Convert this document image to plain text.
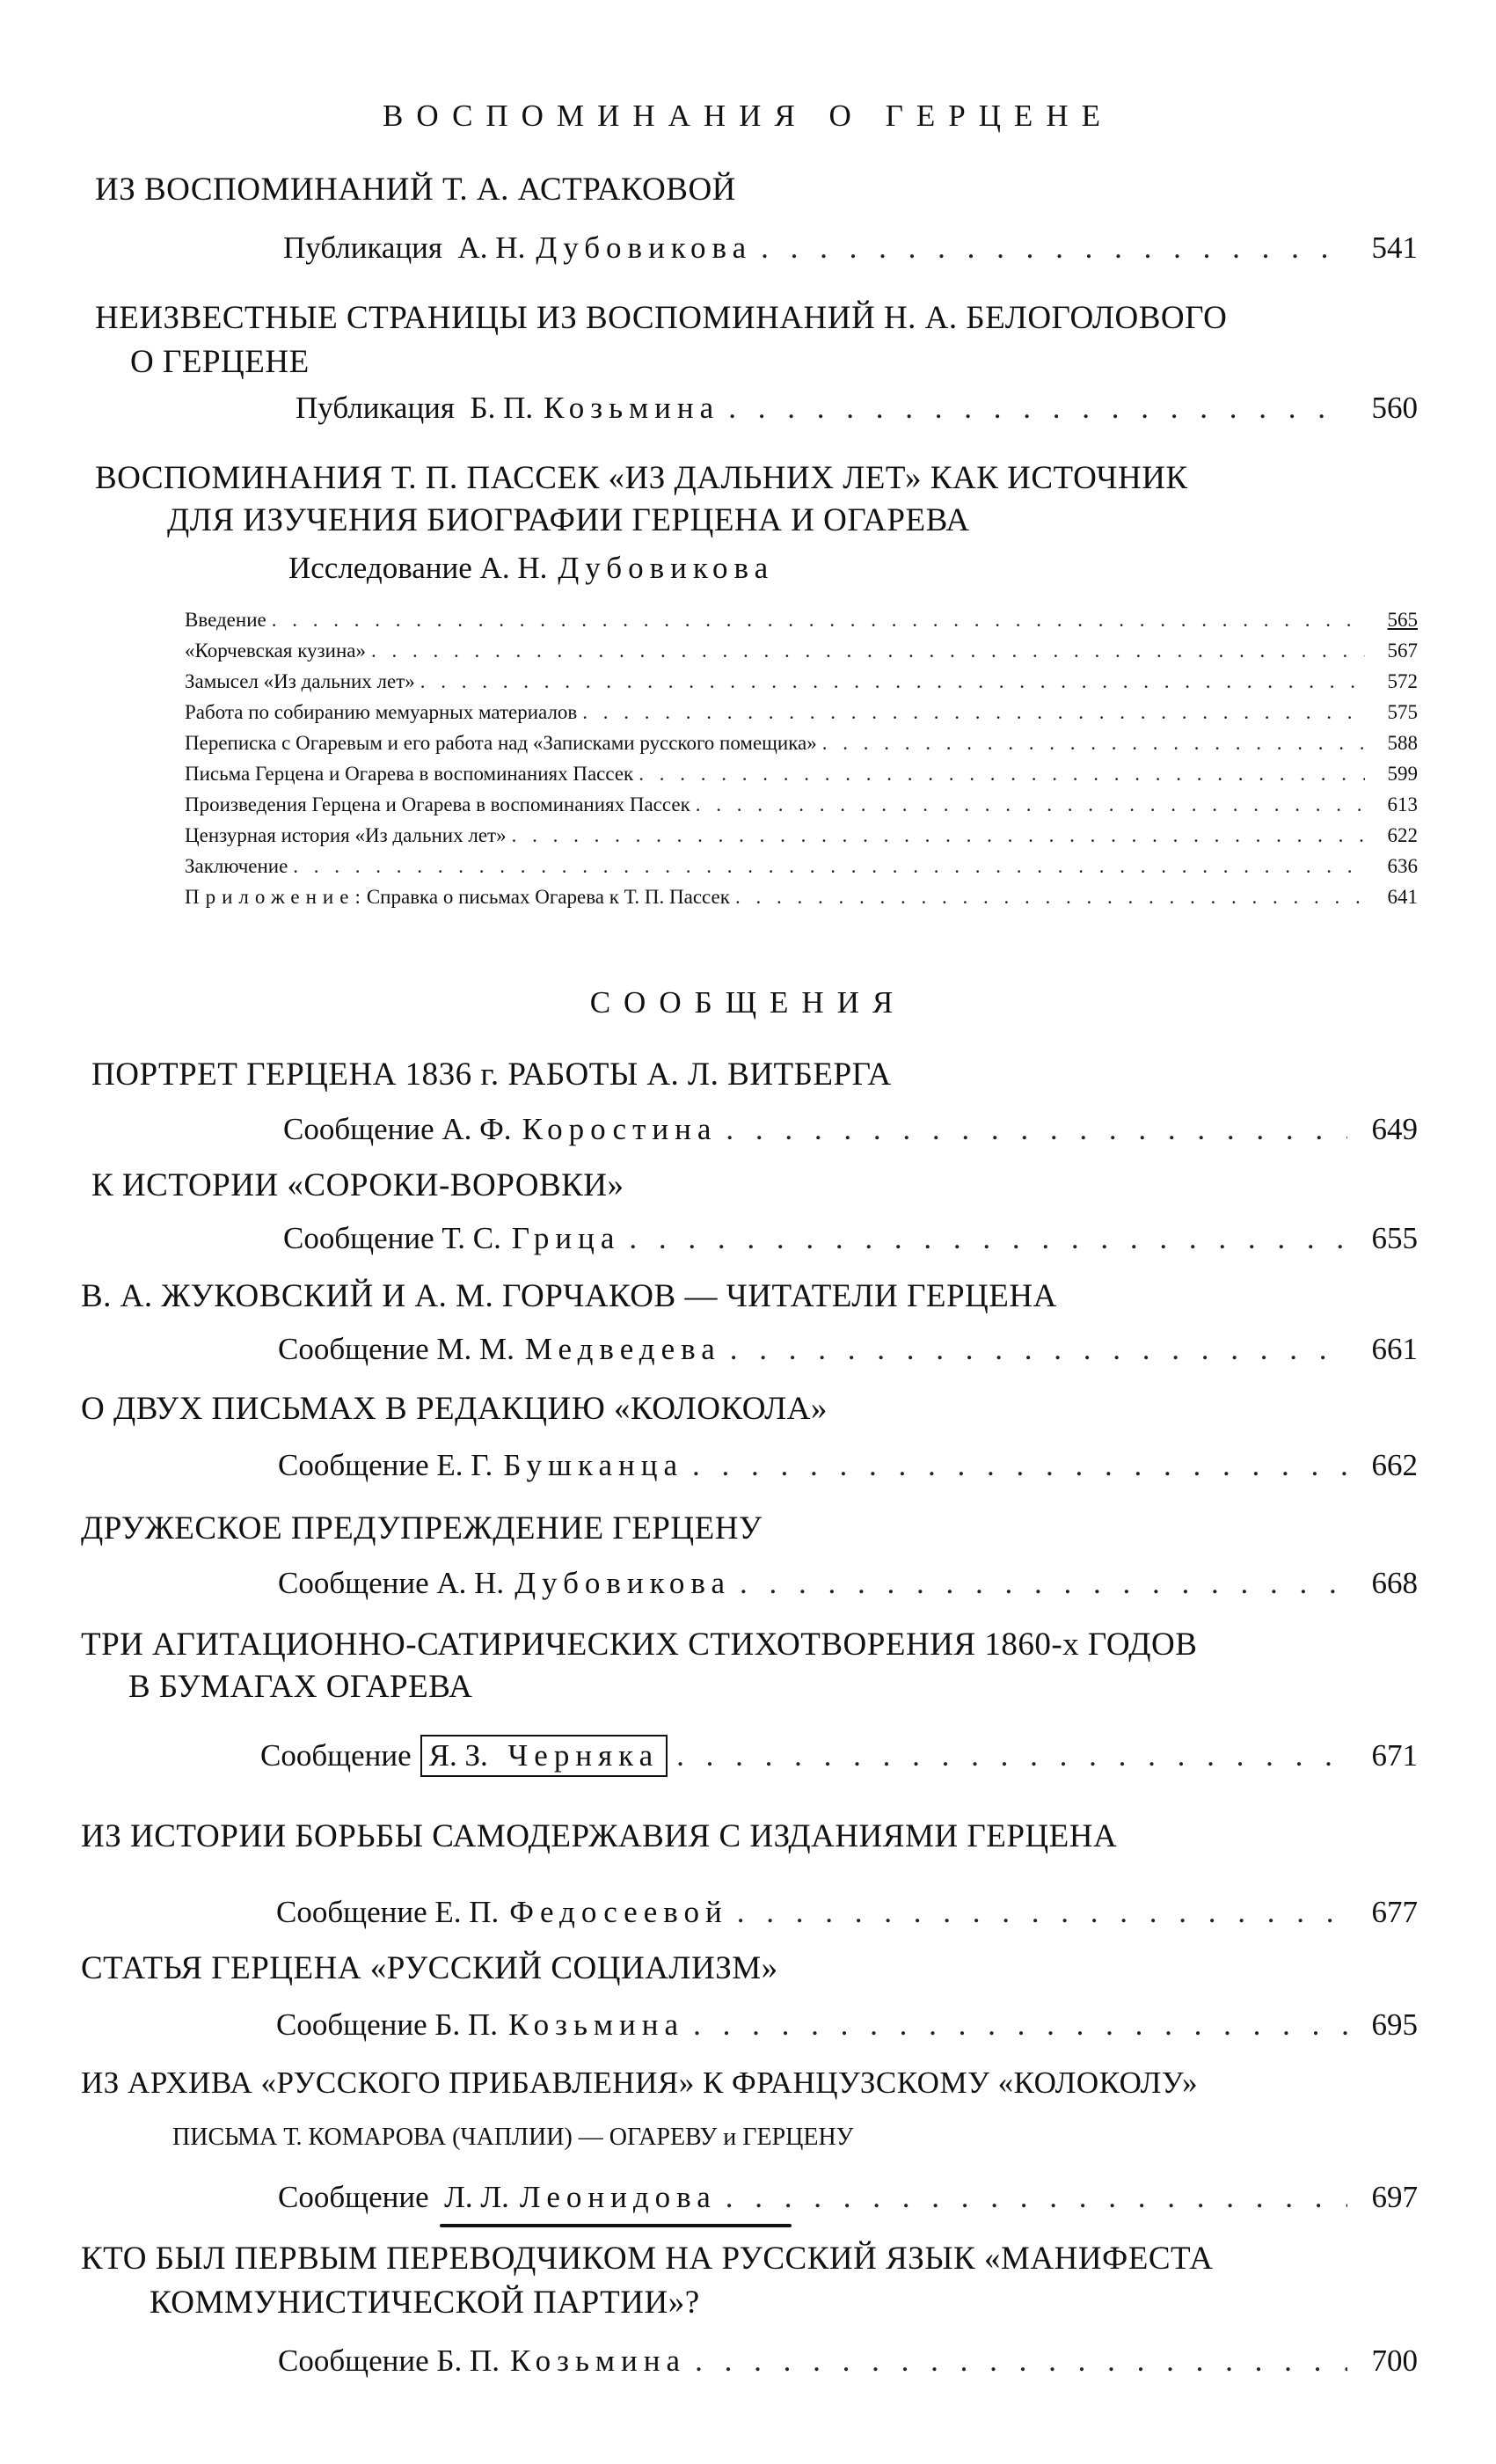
ВОСПОМИНАНИЯ О ГЕРЦЕНЕ
ИЗ ВОСПОМИНАНИЙ Т. А. АСТРАКОВОЙ
Публикация  А. Н. Дубовикова . . .	541
НЕИЗВЕСТНЫЕ СТРАНИЦЫ ИЗ ВОСПОМИНАНИЙ Н. А. БЕЛОГОЛОВОГО
О ГЕРЦЕНЕ
Публикация  Б. П. Козьмина . . .	560
ВОСПОМИНАНИЯ Т. П. ПАССЕК «ИЗ ДАЛЬНИХ ЛЕТ» КАК ИСТОЧНИК
ДЛЯ ИЗУЧЕНИЯ БИОГРАФИИ ГЕРЦЕНА И ОГАРЕВА
Исследование А. Н. Дубовикова
Введение . . .	565
«Корчевская кузина» . . .	567
Замысел «Из дальних лет» . . .	572
Работа по собиранию мемуарных материалов . . .	575
Переписка с Огаревым и его работа над «Записками русского помещика» . . .	588
Письма Герцена и Огарева в воспоминаниях Пассек . . .	599
Произведения Герцена и Огарева в воспоминаниях Пассек . . .	613
Цензурная история «Из дальних лет» . . .	622
Заключение . . .	636
Приложение: Справка о письмах Огарева к Т. П. Пассек . . .	641
СООБЩЕНИЯ
ПОРТРЕТ ГЕРЦЕНА 1836 г. РАБОТЫ А. Л. ВИТБЕРГА
Сообщение А. Ф. Коростина . . .	649
К ИСТОРИИ «СОРОКИ-ВОРОВКИ»
Сообщение Т. С. Грица . . .	655
В. А. ЖУКОВСКИЙ И А. М. ГОРЧАКОВ — ЧИТАТЕЛИ ГЕРЦЕНА
Сообщение М. М. Медведева . . .	661
О ДВУХ ПИСЬМАХ В РЕДАКЦИЮ «КОЛОКОЛА»
Сообщение Е. Г. Бушканца . . .	662
ДРУЖЕСКОЕ ПРЕДУПРЕЖДЕНИЕ ГЕРЦЕНУ
Сообщение А. Н. Дубовикова . . .	668
ТРИ АГИТАЦИОННО-САТИРИЧЕСКИХ СТИХОТВОРЕНИЯ 1860-х ГОДОВ
В БУМАГАХ ОГАРЕВА
Сообщение Я. З. Черняка . . .	671
ИЗ ИСТОРИИ БОРЬБЫ САМОДЕРЖАВИЯ С ИЗДАНИЯМИ ГЕРЦЕНА
Сообщение Е. П. Федосеевой . . .	677
СТАТЬЯ ГЕРЦЕНА «РУССКИЙ СОЦИАЛИЗМ»
Сообщение Б. П. Козьмина . . .	695
ИЗ АРХИВА «РУССКОГО ПРИБАВЛЕНИЯ» К ФРАНЦУЗСКОМУ «КОЛОКОЛУ»
ПИСЬМА Т. КОМАРОВА (ЧАПЛИИ) — ОГАРЕВУ и ГЕРЦЕНУ
Сообщение  Л. Л. Леонидова . . .	697
КТО БЫЛ ПЕРВЫМ ПЕРЕВОДЧИКОМ НА РУССКИЙ ЯЗЫК «МАНИФЕСТА
КОММУНИСТИЧЕСКОЙ ПАРТИИ»?
Сообщение Б. П. Козьмина . . .	700
